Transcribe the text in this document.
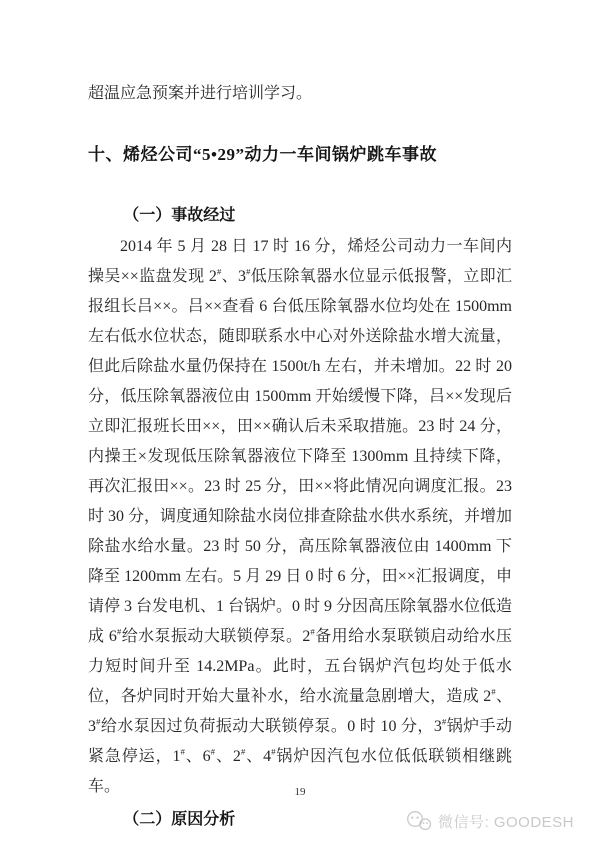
超温应急预案并进行培训学习。

十、烯烃公司“5•29”动力一车间锅炉跳车事故
（一）事故经过

2014 年 5 月 28 日 17 时 16 分，烯烃公司动力一车间内操吴××监盘发现 2#、3#低压除氧器水位显示低报警，立即汇报组长吕××。吕××查看 6 台低压除氧器水位均处在 1500mm 左右低水位状态，随即联系水中心对外送除盐水增大流量，但此后除盐水量仍保持在 1500t/h 左右，并未增加。22 时 20 分，低压除氧器液位由 1500mm 开始缓慢下降，吕××发现后立即汇报班长田××，田××确认后未采取措施。23 时 24 分，内操王×发现低压除氧器液位下降至 1300mm 且持续下降，再次汇报田××。23 时 25 分，田××将此情况向调度汇报。23 时 30 分，调度通知除盐水岗位排查除盐水供水系统，并增加除盐水给水量。23 时 50 分，高压除氧器液位由 1400mm 下降至 1200mm 左右。5 月 29 日 0 时 6 分，田××汇报调度，申请停 3 台发电机、1 台锅炉。0 时 9 分因高压除氧器水位低造成 6#给水泵振动大联锁停泵。2#备用给水泵联锁启动给水压力短时间升至 14.2MPa。此时，五台锅炉汽包均处于低水位，各炉同时开始大量补水，给水流量急剧增大，造成 2#、3#给水泵因过负荷振动大联锁停泵。0 时 10 分，3#锅炉手动紧急停运，1#、6#、2#、4#锅炉因汽包水位低低联锁相继跳车。

（二）原因分析
19
微信号: GOODESH
